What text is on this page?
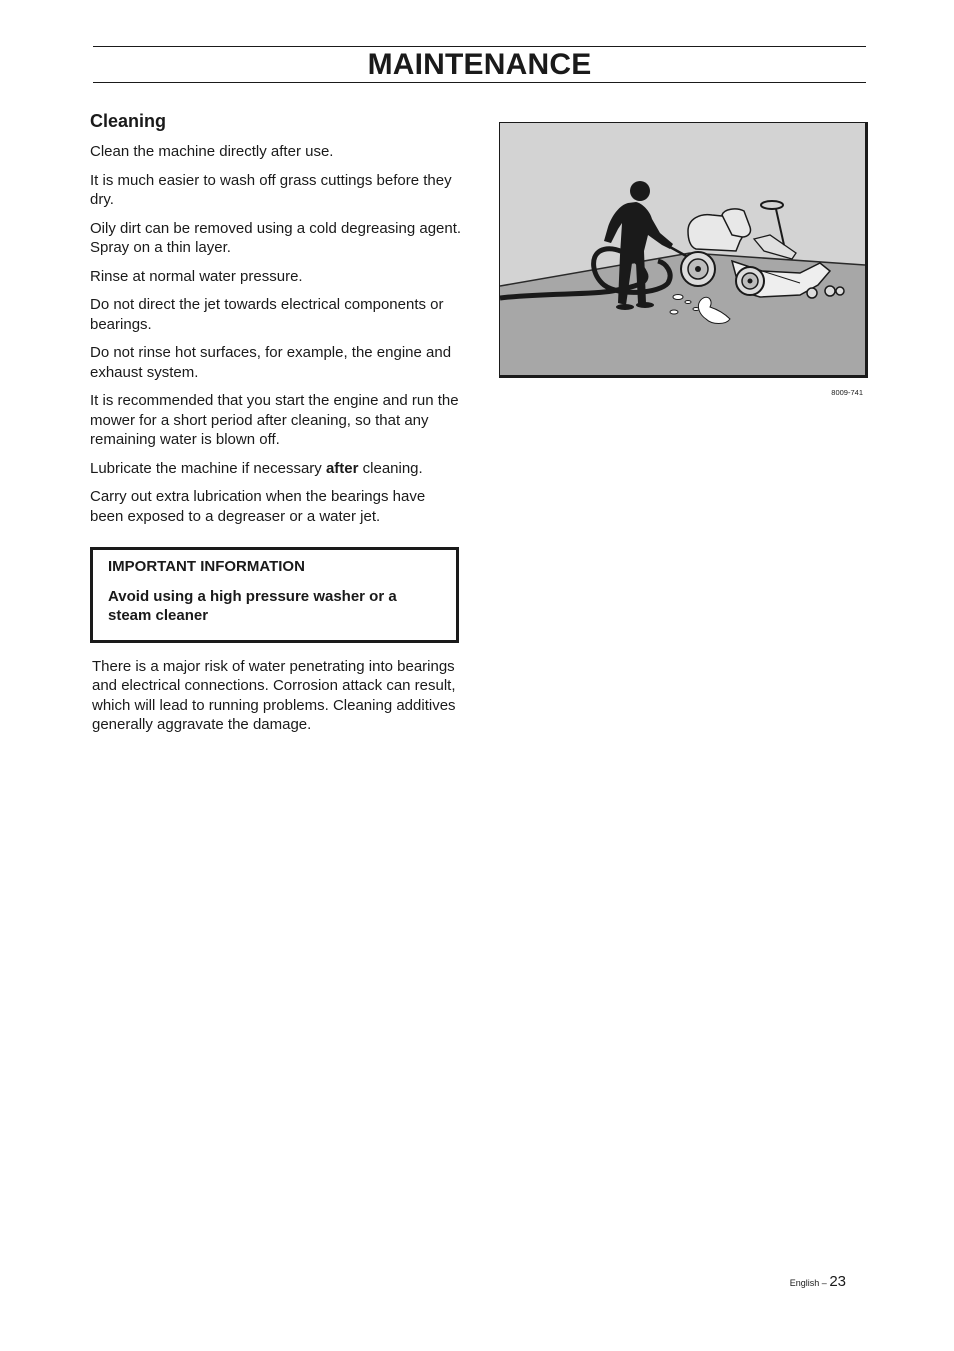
MAINTENANCE
Cleaning

Clean the machine directly after use.

It is much easier to wash off grass cuttings before they dry.

Oily dirt can be removed using a cold degreasing agent. Spray on a thin layer.

Rinse at normal water pressure.

Do not direct the jet towards electrical components or bearings.

Do not rinse hot surfaces, for example, the engine and exhaust system.

It is recommended that you start the engine and run the mower for a short period after cleaning, so that any remaining water is blown off.

Lubricate the machine if necessary after cleaning.

Carry out extra lubrication when the bearings have been exposed to a degreaser or a water jet.

IMPORTANT INFORMATION

Avoid using a high pressure washer or a steam cleaner

There is a major risk of water penetrating into bearings and electrical connections. Corrosion attack can result, which will lead to running problems. Cleaning additives generally aggravate the damage.

8009-741
English – 23
